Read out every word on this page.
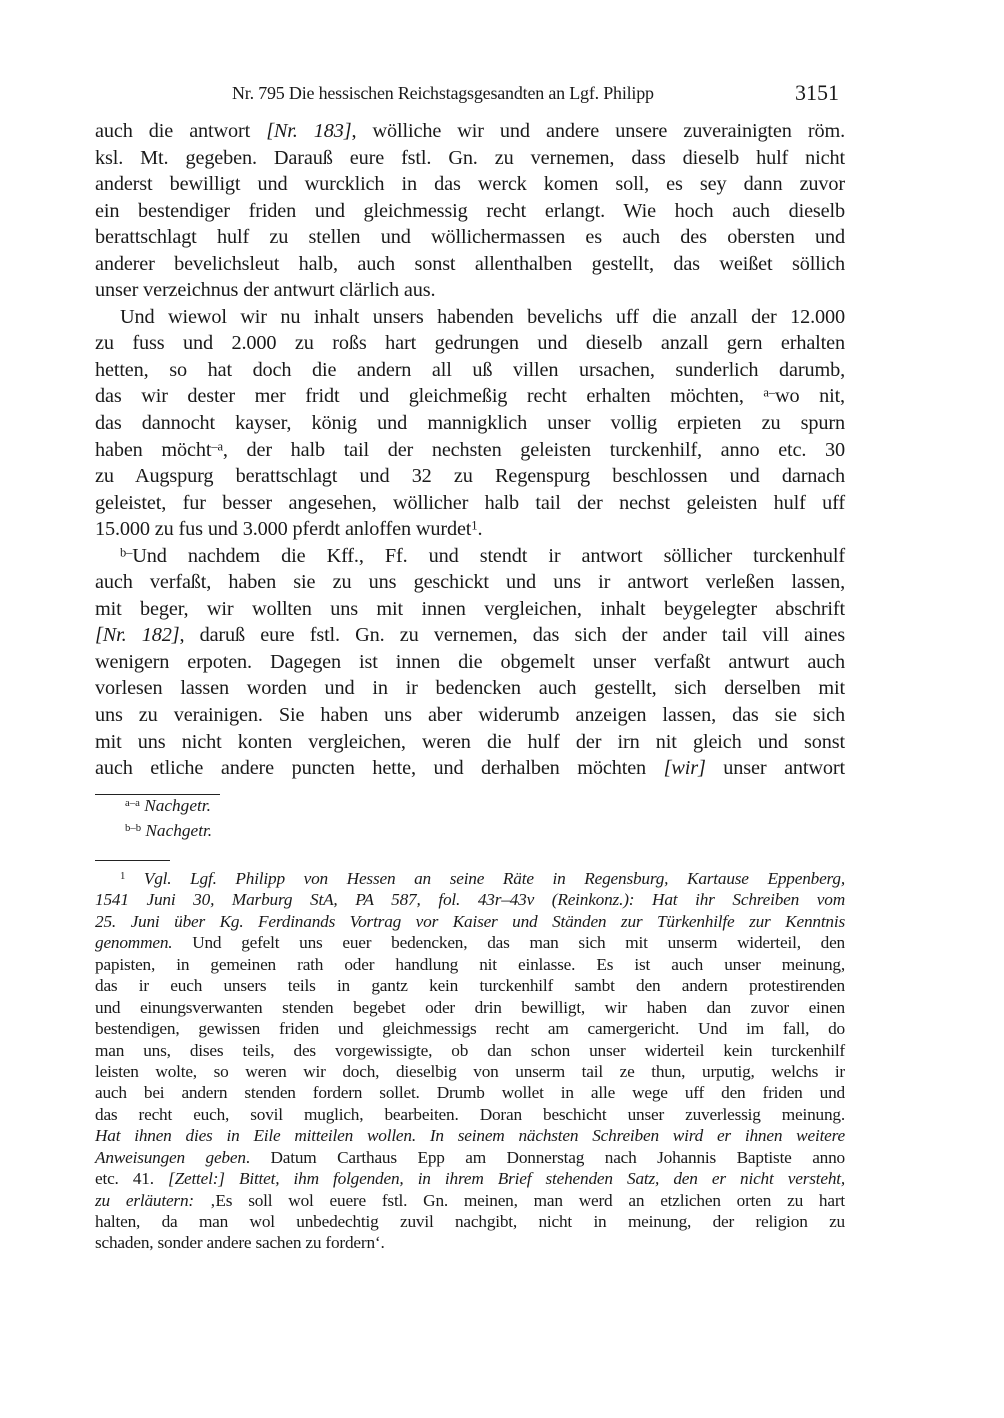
Nr. 795 Die hessischen Reichstagsgesandten an Lgf. Philipp	3151
auch die antwort [Nr. 183], wölliche wir und andere unsere zuverainigten röm.
ksl. Mt. gegeben. Darauß eure fstl. Gn. zu vernemen, dass dieselb hulf nicht
anderst bewilligt und wurcklich in das werck komen soll, es sey dann zuvor
ein bestendiger friden und gleichmessig recht erlangt. Wie hoch auch dieselb
berattschlagt hulf zu stellen und wöllichermassen es auch des obersten und
anderer bevelichsleut halb, auch sonst allenthalben gestellt, das weißet söllich
unser verzeichnus der antwurt clärlich aus.
Und wiewol wir nu inhalt unsers habenden bevelichs uff die anzall der 12.000
zu fuss und 2.000 zu roßs hart gedrungen und dieselb anzall gern erhalten
hetten, so hat doch die andern all uß villen ursachen, sunderlich darumb,
das wir dester mer fridt und gleichmeßig recht erhalten möchten, $^{a-}$wo nit,
das dannocht kayser, könig und mannigklich unser vollig erpieten zu spurn
haben möcht$^{-a}$, der halb tail der nechsten geleisten turckenhilf, anno etc. 30
zu Augspurg berattschlagt und 32 zu Regenspurg beschlossen und darnach
geleistet, fur besser angesehen, wöllicher halb tail der nechst geleisten hulf uff
15.000 zu fus und 3.000 pferdt anloffen wurdet$^1$.
$^{b-}$Und nachdem die Kff., Ff. und stendt ir antwort söllicher turckenhulf
auch verfaßt, haben sie zu uns geschickt und uns ir antwort verleßen lassen,
mit beger, wir wollten uns mit innen vergleichen, inhalt beygelegter abschrift
[Nr. 182], daruß eure fstl. Gn. zu vernemen, das sich der ander tail vill aines
wenigern erpoten. Dagegen ist innen die obgemelt unser verfaßt antwurt auch
vorlesen lassen worden und in ir bedencken auch gestellt, sich derselben mit
uns zu verainigen. Sie haben uns aber widerumb anzeigen lassen, das sie sich
mit uns nicht konten vergleichen, weren die hulf der irn nit gleich und sonst
auch etliche andere puncten hette, und derhalben möchten [wir] unser antwort
$^{a-a}$ Nachgetr.
$^{b-b}$ Nachgetr.
$^1$ Vgl. Lgf. Philipp von Hessen an seine Räte in Regensburg, Kartause Eppenberg,
1541 Juni 30, Marburg StA, PA 587, fol. 43r–43v (Reinkonz.): Hat ihr Schreiben vom
25. Juni über Kg. Ferdinands Vortrag vor Kaiser und Ständen zur Türkenhilfe zur Kenntnis
genommen. Und gefelt uns euer bedencken, das man sich mit unserm widerteil, den
papisten, in gemeinen rath oder handlung nit einlasse. Es ist auch unser meinung,
das ir euch unsers teils in gantz kein turckenhilf sambt den andern protestirenden
und einungsverwanten stenden begebet oder drin bewilligt, wir haben dan zuvor einen
bestendigen, gewissen friden und gleichmessigs recht am camergericht. Und im fall, do
man uns, dises teils, des vorgewissigte, ob dan schon unser widerteil kein turckenhilf
leisten wolte, so weren wir doch, dieselbig von unserm tail ze thun, urputig, welchs ir
auch bei andern stenden fordern sollet. Drumb wollet in alle wege uff den friden und
das recht euch, sovil muglich, bearbeiten. Doran beschicht unser zuverlessig meinung.
Hat ihnen dies in Eile mitteilen wollen. In seinem nächsten Schreiben wird er ihnen weitere
Anweisungen geben. Datum Carthaus Epp am Donnerstag nach Johannis Baptiste anno
etc. 41. [Zettel:] Bittet, ihm folgenden, in ihrem Brief stehenden Satz, den er nicht versteht,
zu erläutern: ‚Es soll wol euere fstl. Gn. meinen, man werd an etzlichen orten zu hart
halten, da man wol unbedechtig zuvil nachgibt, nicht in meinung, der religion zu
schaden, sonder andere sachen zu fordern‘.
